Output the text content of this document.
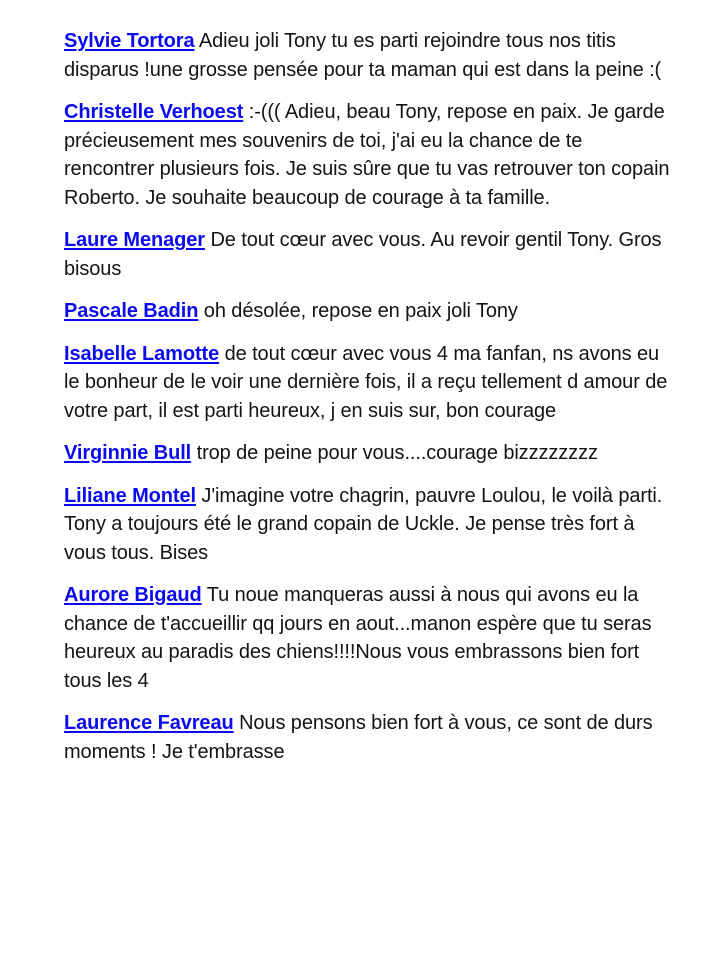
Sylvie Tortora Adieu joli Tony tu es parti rejoindre tous nos titis disparus !une grosse pensée pour ta maman qui est dans la peine :(

Christelle Verhoest :-((( Adieu, beau Tony, repose en paix. Je garde précieusement mes souvenirs de toi, j'ai eu la chance de te rencontrer plusieurs fois. Je suis sûre que tu vas retrouver ton copain Roberto. Je souhaite beaucoup de courage à ta famille.

Laure Menager De tout cœur avec vous. Au revoir gentil Tony. Gros bisous

Pascale Badin oh désolée, repose en paix joli Tony

Isabelle Lamotte de tout cœur avec vous 4 ma fanfan, ns avons eu le bonheur de le voir une dernière fois, il a reçu tellement d amour de votre part, il est parti heureux, j en suis sur, bon courage

Virginnie Bull trop de peine pour vous....courage bizzzzzzzz

Liliane Montel J'imagine votre chagrin, pauvre Loulou, le voilà parti. Tony a toujours été le grand copain de Uckle. Je pense très fort à vous tous. Bises

Aurore Bigaud Tu noue manqueras aussi à nous qui avons eu la chance de t'accueillir qq jours en aout...manon espère que tu seras heureux au paradis des chiens!!!!Nous vous embrassons bien fort tous les 4

Laurence Favreau Nous pensons bien fort à vous, ce sont de durs moments ! Je t'embrasse
